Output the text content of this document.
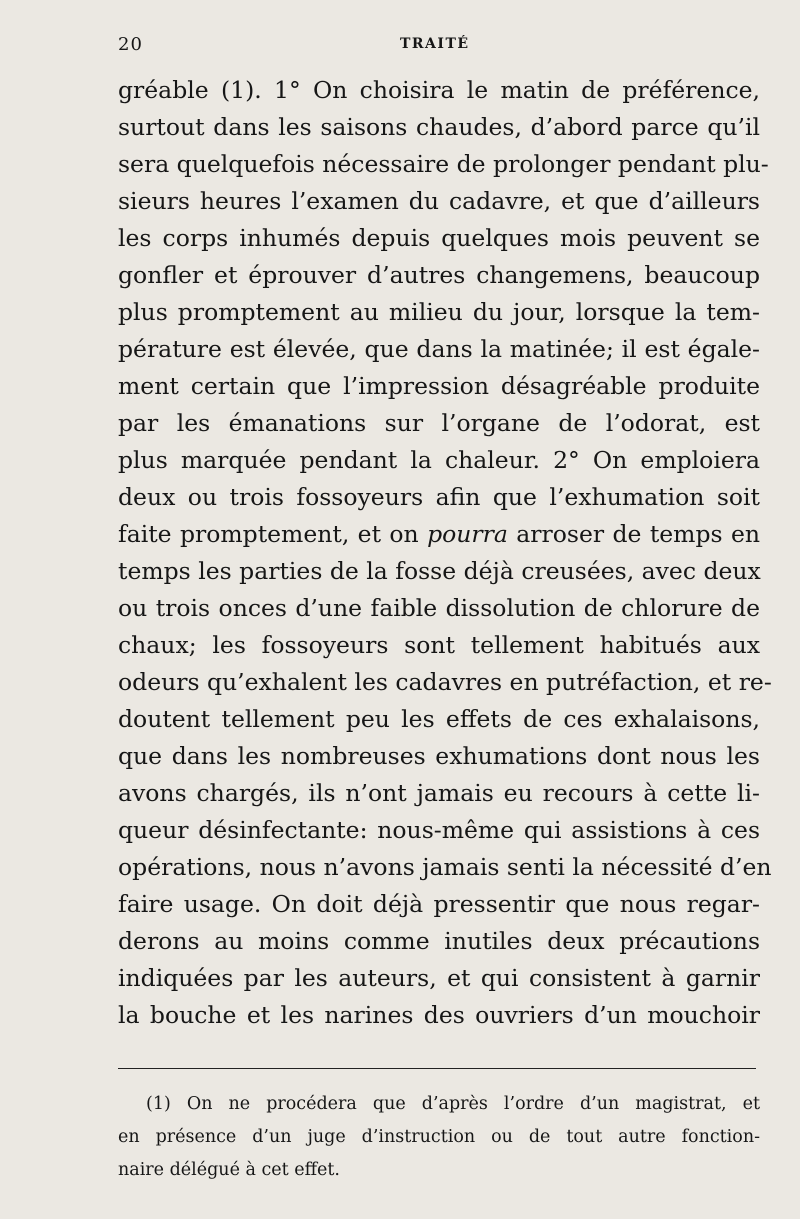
20	TRAITÉ
gréable (1). 1° On choisira le matin de préférence,
surtout dans les saisons chaudes, d’abord parce qu’il
sera quelquefois nécessaire de prolonger pendant plu-
sieurs heures l’examen du cadavre, et que d’ailleurs
les corps inhumés depuis quelques mois peuvent se
gonfler et éprouver d’autres changemens, beaucoup
plus promptement au milieu du jour, lorsque la tem-
pérature est élevée, que dans la matinée; il est égale-
ment certain que l’impression désagréable produite
par les émanations sur l’organe de l’odorat, est
plus marquée pendant la chaleur. 2° On emploiera
deux ou trois fossoyeurs afin que l’exhumation soit
faite promptement, et on pourra arroser de temps en
temps les parties de la fosse déjà creusées, avec deux
ou trois onces d’une faible dissolution de chlorure de
chaux; les fossoyeurs sont tellement habitués aux
odeurs qu’exhalent les cadavres en putréfaction, et re-
doutent tellement peu les effets de ces exhalaisons,
que dans les nombreuses exhumations dont nous les
avons chargés, ils n’ont jamais eu recours à cette li-
queur désinfectante: nous-même qui assistions à ces
opérations, nous n’avons jamais senti la nécessité d’en
faire usage. On doit déjà pressentir que nous regar-
derons au moins comme inutiles deux précautions
indiquées par les auteurs, et qui consistent à garnir
la bouche et les narines des ouvriers d’un mouchoir
(1) On ne procédera que d’après l’ordre d’un magistrat, et
en présence d’un juge d’instruction ou de tout autre fonction-
naire délégué à cet effet.
